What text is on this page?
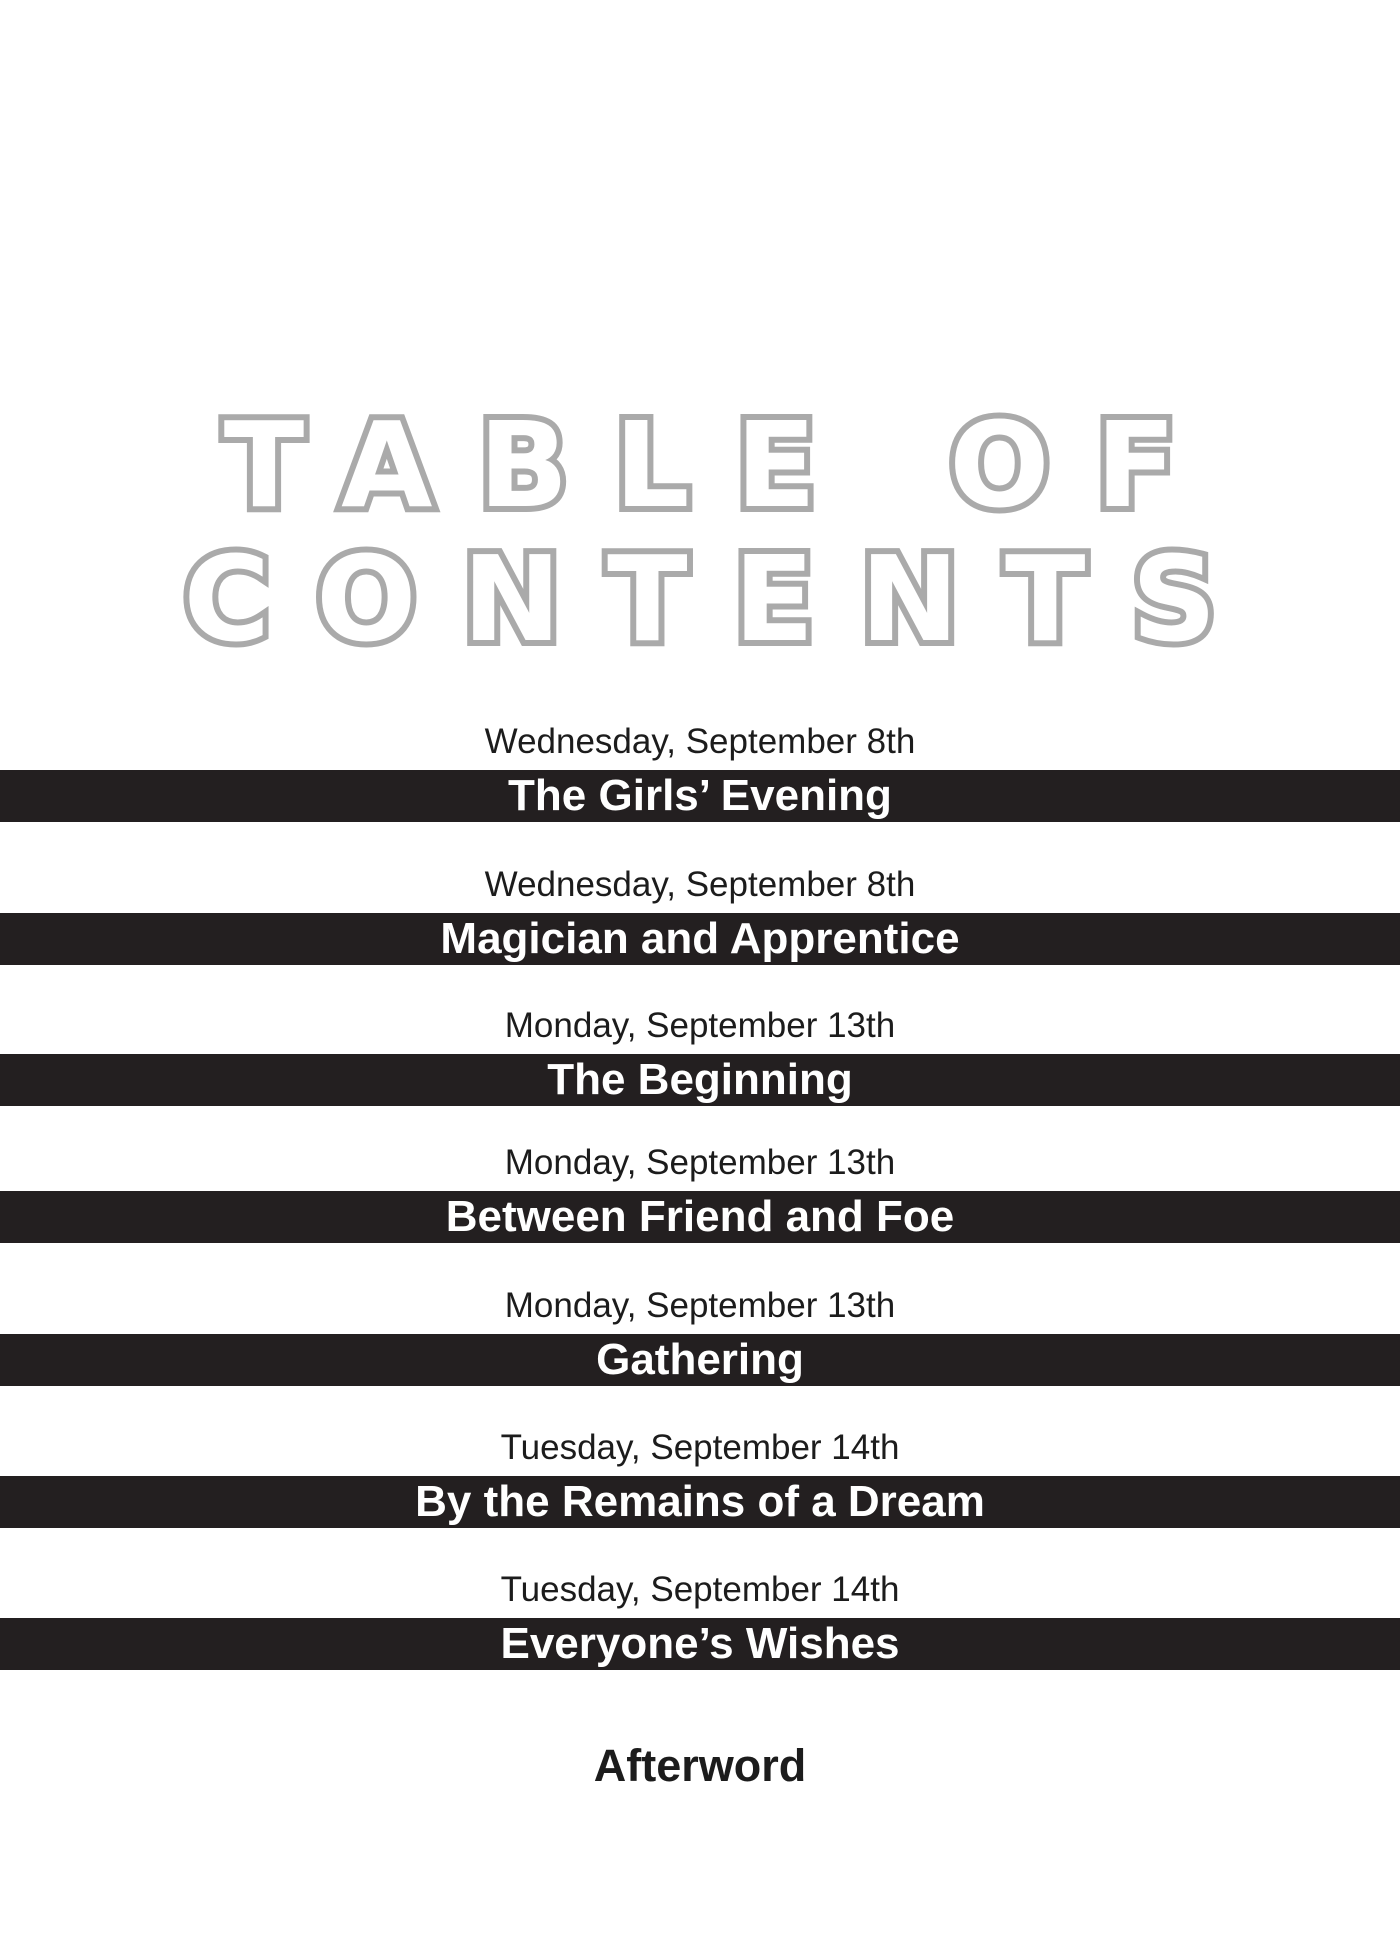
TABLE OF
CONTENTS
Wednesday, September 8th
The Girls’ Evening
Wednesday, September 8th
Magician and Apprentice
Monday, September 13th
The Beginning
Monday, September 13th
Between Friend and Foe
Monday, September 13th
Gathering
Tuesday, September 14th
By the Remains of a Dream
Tuesday, September 14th
Everyone’s Wishes
Afterword
